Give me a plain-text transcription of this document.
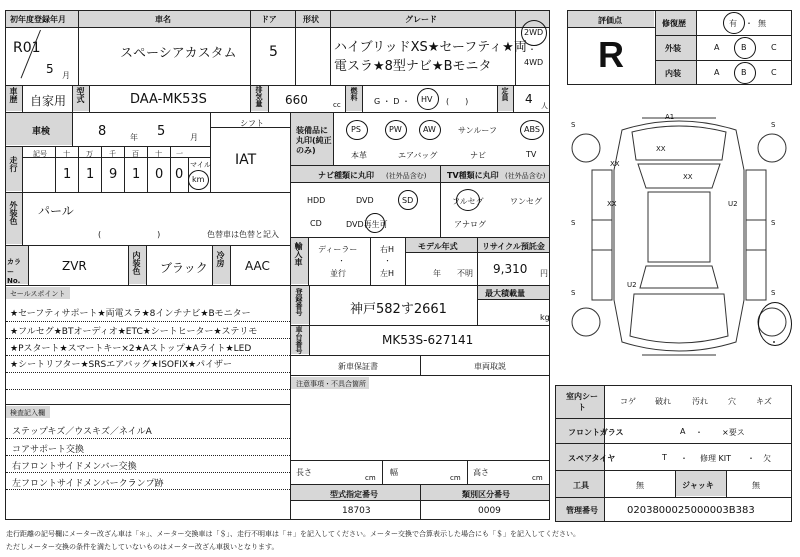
初年度登録年月	車名	ドア	形状	グレード
R01
5 月
スペーシアカスタム 5	ハイブリッドXS★セーフティ★両
電スラ★8型ナビ★Bモニタ
2WD
・
4WD
車歴 自家用 型式	DAA-MK53S	排気量 660	cc
燃料
G ・ D ・ HV (　　)
定員 4 人
車検	8	年 5	月
シフト
IAT
走行
記号 十 万 千 百 十 一
1 1 9 1 0 0
マイル
km
外装色 パール
(　　　　　　　)	色替車は色替と記入
カラーNo.
ZVR	内装色 ブラック
冷房 AAC
セールスポイント
★セーフティサポート★両電スラ★8インチナビ★Bモニター
★フルセグ★BTオーディオ★ETC★シートヒーター★ステリモ
★Pスタート★スマートキー×2★Aストップ★Aライト★LED
★シートリフター★SRSエアバッグ★ISOFIX★パイザー
検査記入欄
ステップキズ／ウスキズ／ネイルA
コアサポート交換
右フロントサイドメンバー交換
左フロントサイドメンバークランプ跡
装備品に丸印(純正のみ)
PS	PW	AW	サンルーフ	ABS
本革	エアバッグ	ナビ	TV
ナビ種類に丸印 (社外品含む)	TV種類に丸印 (社外品含む)
HDD	DVD	SD
CD	DVD再生可
フルセグ	ワンセグ
アナログ
輸入車 ディーラー
・
並行
右H
・
左H
モデル年式	リサイクル預託金
年 不明 9,310 円
登録番号	神戸582す2661
最大積載量
kg
車台番号	MK53S-627141
新車保証書	車両取説
注意事項・不具合箇所
長さ
cm
幅
cm
高さ
cm
型式指定番号	類別区分番号
18703	0009
評価点
R
修復歴
外装
内装
有 ・ 無
A	B	C
A	B	C
A1
XX
XX
XX
XX
U2
U2
S	S
S	S
S	S
室内シート
コゲ 破れ	汚れ	穴	キズ
フロントガラス	A ・ ×要ス
スペアタイヤ	T ・ 修理 KIT ・ 欠
工具	無	ジャッキ	無
管理番号	0203800025000003B383
走行距離の記号欄にメーター改ざん車は「＊」、メーター交換車は「＄」、走行不明車は「＃」を記入してください。メーター交換で合算表示した場合にも「＄」を記入してください。
ただしメーター交換の条件を満たしていないものはメーター改ざん車扱いとなります。
